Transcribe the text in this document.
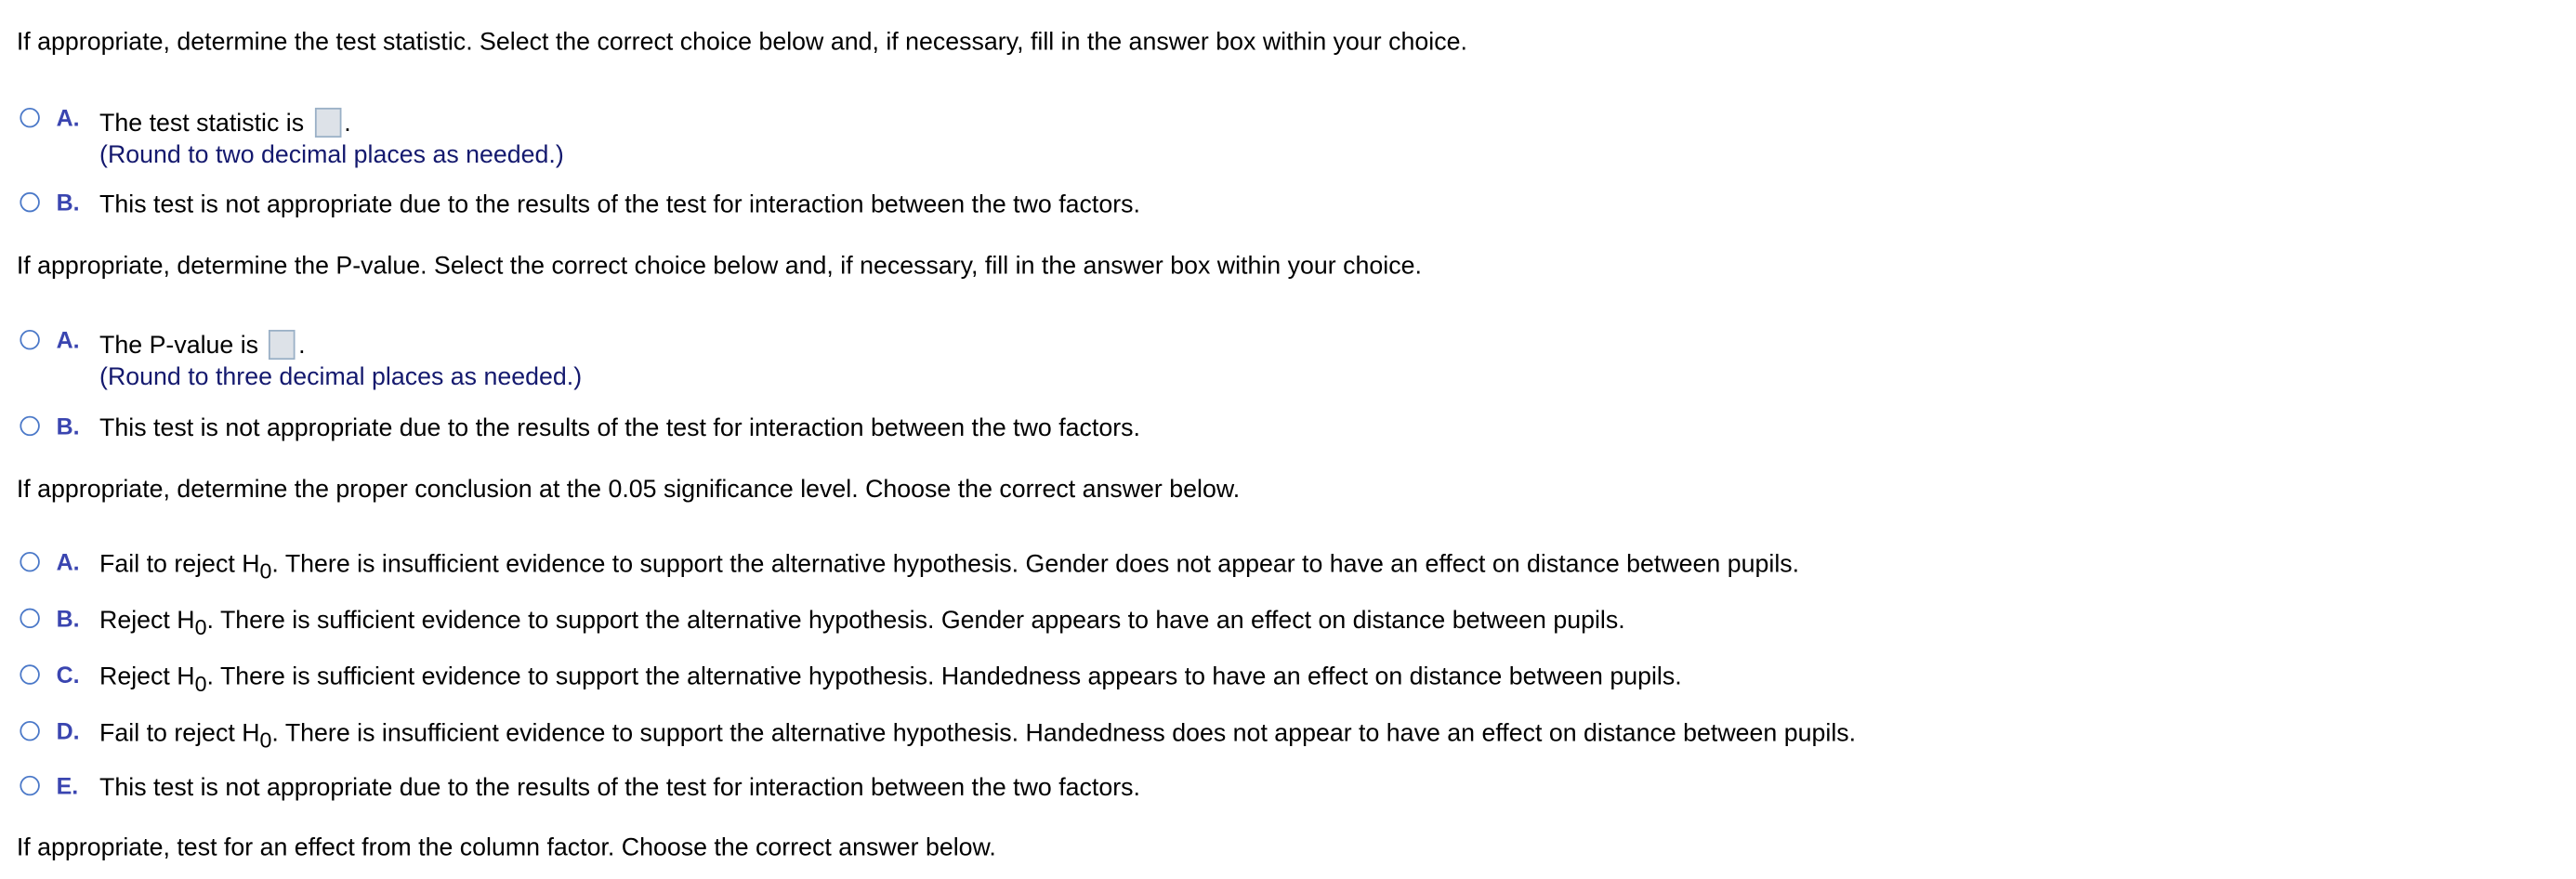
If appropriate, determine the test statistic. Select the correct choice below and, if necessary, fill in the answer box within your choice.
A. The test statistic is	.
(Round to two decimal places as needed.)
B. This test is not appropriate due to the results of the test for interaction between the two factors.
If appropriate, determine the P-value. Select the correct choice below and, if necessary, fill in the answer box within your choice.
A. The P-value is	.
(Round to three decimal places as needed.)
B. This test is not appropriate due to the results of the test for interaction between the two factors.
If appropriate, determine the proper conclusion at the 0.05 significance level. Choose the correct answer below.
A. Fail to reject $H_0$. There is insufficient evidence to support the alternative hypothesis. Gender does not appear to have an effect on distance between pupils.
B. Reject $H_0$. There is sufficient evidence to support the alternative hypothesis. Gender appears to have an effect on distance between pupils.
C. Reject $H_0$. There is sufficient evidence to support the alternative hypothesis. Handedness appears to have an effect on distance between pupils.
D. Fail to reject $H_0$. There is insufficient evidence to support the alternative hypothesis. Handedness does not appear to have an effect on distance between pupils.
E. This test is not appropriate due to the results of the test for interaction between the two factors.
If appropriate, test for an effect from the column factor. Choose the correct answer below.
